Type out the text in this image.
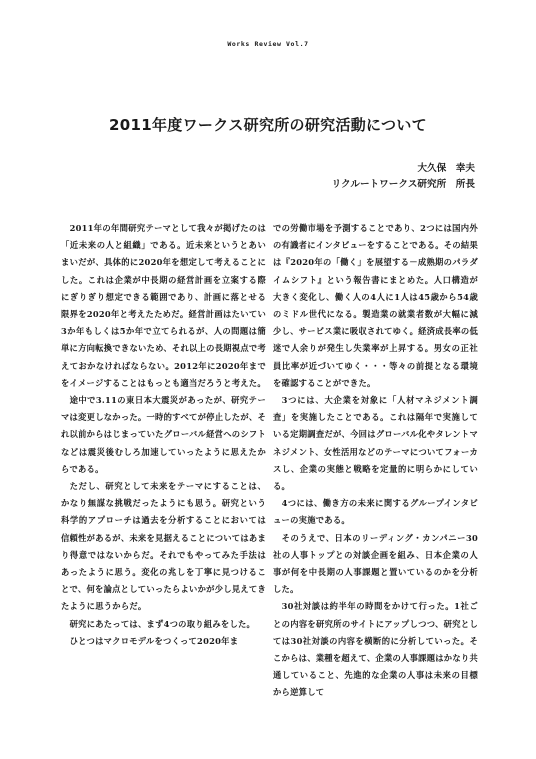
Works Review Vol.7
2011年度ワークス研究所の研究活動について
大久保　幸夫
リクルートワークス研究所　所長

2011年の年間研究テーマとして我々が掲げたのは「近未来の人と組織」である。近未来というとあいまいだが、具体的に2020年を想定して考えることにした。これは企業が中長期の経営計画を立案する際にぎりぎり想定できる範囲であり、計画に落とせる限界を2020年と考えたためだ。経営計画はたいてい3か年もしくは5か年で立てられるが、人の問題は簡単に方向転換できないため、それ以上の長期視点で考えておかなければならない。2012年に2020年までをイメージすることはもっとも適当だろうと考えた。

途中で3.11の東日本大震災があったが、研究テーマは変更しなかった。一時的すべてが停止したが、それ以前からはじまっていたグローバル経営へのシフトなどは震災後むしろ加速していったように思えたからである。

ただし、研究として未来をテーマにすることは、かなり無謀な挑戦だったようにも思う。研究という科学的アプローチは過去を分析することにおいては信頼性があるが、未来を見据えることについてはあまり得意ではないからだ。それでもやってみた手法はあったように思う。変化の兆しを丁寧に見つけることで、何を論点としていったらよいかが少し見えてきたように思うからだ。

研究にあたっては、まず4つの取り組みをした。

ひとつはマクロモデルをつくって2020年ま

での労働市場を予測することであり、2つには国内外の有識者にインタビューをすることである。その結果は『2020年の「働く」を展望する－成熟期のパラダイムシフト』という報告書にまとめた。人口構造が大きく変化し、働く人の4人に1人は45歳から54歳のミドル世代になる。製造業の就業者数が大幅に減少し、サービス業に吸収されてゆく。経済成長率の低迷で人余りが発生し失業率が上昇する。男女の正社員比率が近づいてゆく・・・等々の前提となる環境を確認することができた。

3つには、大企業を対象に「人材マネジメント調査」を実施したことである。これは隔年で実施している定期調査だが、今回はグローバル化やタレントマネジメント、女性活用などのテーマについてフォーカスし、企業の実態と戦略を定量的に明らかにしている。

4つには、働き方の未来に関するグループインタビューの実施である。

そのうえで、日本のリーディング・カンパニー30社の人事トップとの対談企画を組み、日本企業の人事が何を中長期の人事課題と置いているのかを分析した。

30社対談は約半年の時間をかけて行った。1社ごとの内容を研究所のサイトにアップしつつ、研究としては30社対談の内容を横断的に分析していった。そこからは、業種を超えて、企業の人事課題はかなり共通していること、先進的な企業の人事は未来の目標から逆算して
